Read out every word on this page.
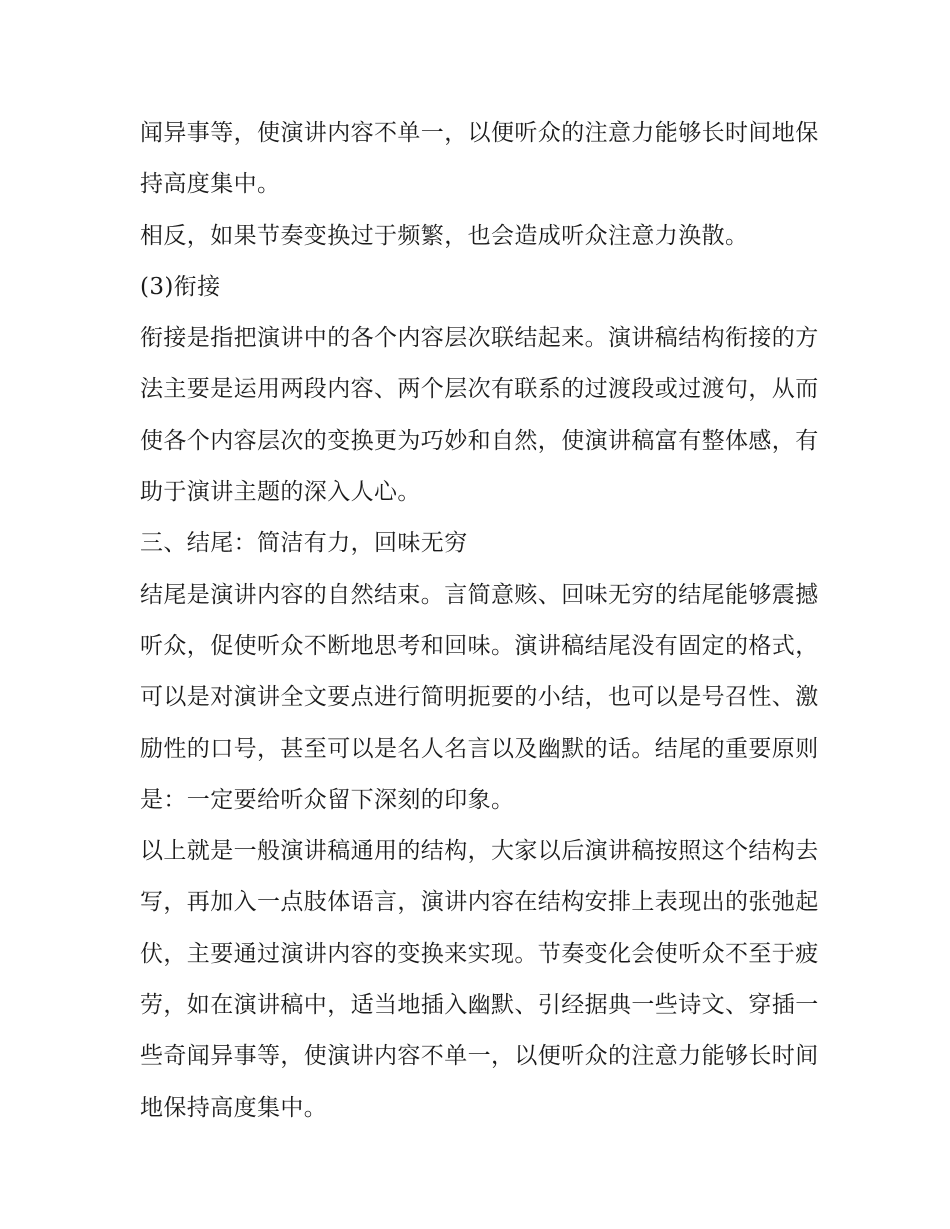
闻异事等，使演讲内容不单一，以便听众的注意力能够长时间地保持高度集中。

相反，如果节奏变换过于频繁，也会造成听众注意力涣散。

(3)衔接

衔接是指把演讲中的各个内容层次联结起来。演讲稿结构衔接的方法主要是运用两段内容、两个层次有联系的过渡段或过渡句，从而使各个内容层次的变换更为巧妙和自然，使演讲稿富有整体感，有助于演讲主题的深入人心。

三、结尾：简洁有力，回味无穷

结尾是演讲内容的自然结束。言简意赅、回味无穷的结尾能够震撼听众，促使听众不断地思考和回味。演讲稿结尾没有固定的格式，可以是对演讲全文要点进行简明扼要的小结，也可以是号召性、激励性的口号，甚至可以是名人名言以及幽默的话。结尾的重要原则是：一定要给听众留下深刻的印象。

以上就是一般演讲稿通用的结构，大家以后演讲稿按照这个结构去写，再加入一点肢体语言，演讲内容在结构安排上表现出的张弛起伏，主要通过演讲内容的变换来实现。节奏变化会使听众不至于疲劳，如在演讲稿中，适当地插入幽默、引经据典一些诗文、穿插一些奇闻异事等，使演讲内容不单一，以便听众的注意力能够长时间地保持高度集中。
